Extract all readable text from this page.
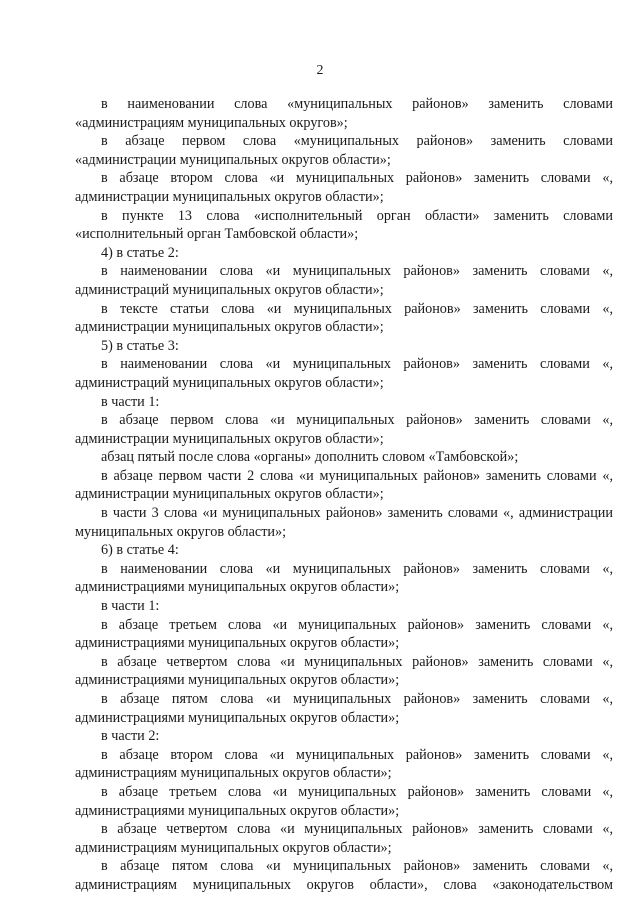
2

в наименовании слова «муниципальных районов» заменить словами «администрациям муниципальных округов»;

в абзаце первом слова «муниципальных районов» заменить словами «администрации муниципальных округов области»;

в абзаце втором слова «и муниципальных районов» заменить словами «, администрации муниципальных округов области»;

в пункте 13 слова «исполнительный орган области» заменить словами «исполнительный орган Тамбовской области»;

4) в статье 2:

в наименовании слова «и муниципальных районов» заменить словами «, администраций муниципальных округов области»;

в тексте статьи слова «и муниципальных районов» заменить словами «, администрации муниципальных округов области»;

5) в статье 3:

в наименовании слова «и муниципальных районов» заменить словами «, администраций муниципальных округов области»;

в части 1:

в абзаце первом слова «и муниципальных районов» заменить словами «, администрации муниципальных округов области»;

абзац пятый после слова «органы» дополнить словом «Тамбовской»;

в абзаце первом части 2 слова «и муниципальных районов» заменить словами «, администрации муниципальных округов области»;

в части 3 слова «и муниципальных районов» заменить словами «, администрации муниципальных округов области»;

6) в статье 4:

в наименовании слова «и муниципальных районов» заменить словами «, администрациями муниципальных округов области»;

в части 1:

в абзаце третьем слова «и муниципальных районов» заменить словами «, администрациями муниципальных округов области»;

в абзаце четвертом слова «и муниципальных районов» заменить словами «, администрациями муниципальных округов области»;

в абзаце пятом слова «и муниципальных районов» заменить словами «, администрациями муниципальных округов области»;

в части 2:

в абзаце втором слова «и муниципальных районов» заменить словами «, администрациям муниципальных округов области»;

в абзаце третьем слова «и муниципальных районов» заменить словами «, администрациями муниципальных округов области»;

в абзаце четвертом слова «и муниципальных районов» заменить словами «, администрациям муниципальных округов области»;

в абзаце пятом слова «и муниципальных районов» заменить словами «, администрациям муниципальных округов области», слова «законодательством
